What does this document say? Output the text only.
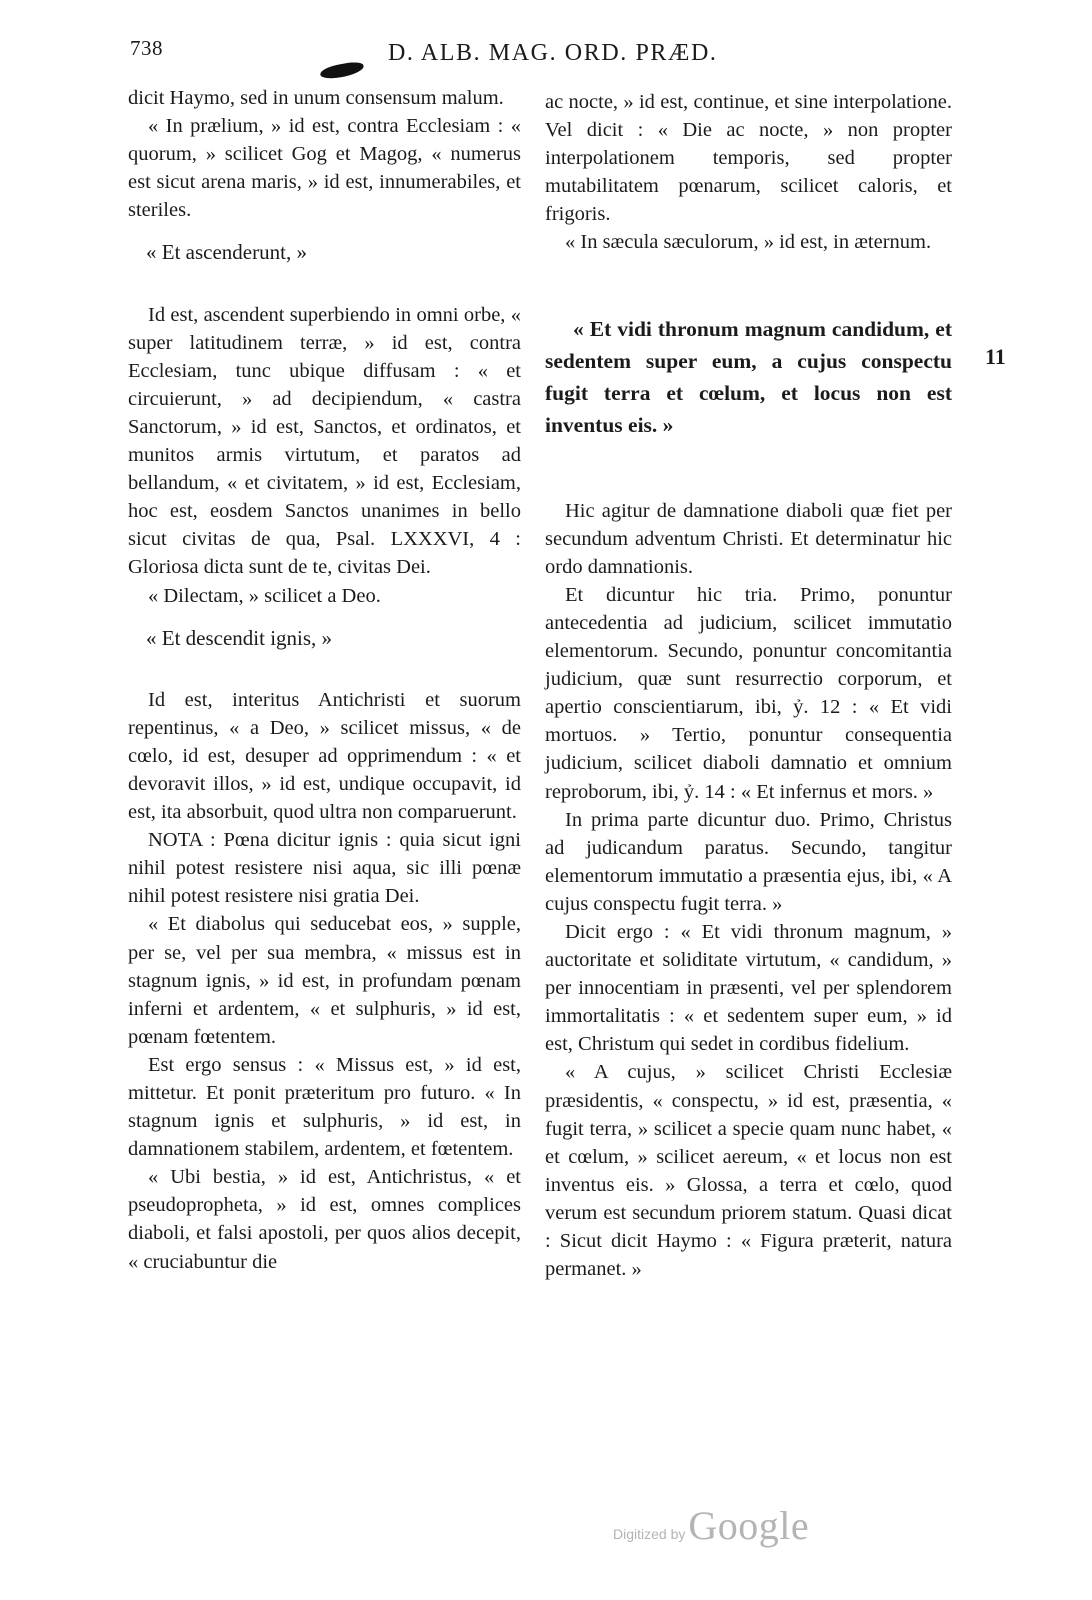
738	D. ALB. MAG. ORD. PRÆD.

dicit Haymo, sed in unum consensum malum.

« In prælium, » id est, contra Ecclesiam : « quorum, » scilicet Gog et Magog, « numerus est sicut arena maris, » id est, innumerabiles, et steriles.

« Et ascenderunt, »

Id est, ascendent superbiendo in omni orbe, « super latitudinem terræ, » id est, contra Ecclesiam, tunc ubique diffusam : « et circuierunt, » ad decipiendum, « castra Sanctorum, » id est, Sanctos, et ordinatos, et munitos armis virtutum, et paratos ad bellandum, « et civitatem, » id est, Ecclesiam, hoc est, eosdem Sanctos unanimes in bello sicut civitas de qua, Psal. LXXXVI, 4 : Gloriosa dicta sunt de te, civitas Dei.

« Dilectam, » scilicet a Deo.

« Et descendit ignis, »

Id est, interitus Antichristi et suorum repentinus, « a Deo, » scilicet missus, « de cœlo, id est, desuper ad opprimendum : « et devoravit illos, » id est, undique occupavit, id est, ita absorbuit, quod ultra non comparuerunt.

NOTA : Pœna dicitur ignis : quia sicut igni nihil potest resistere nisi aqua, sic illi pœnæ nihil potest resistere nisi gratia Dei.

« Et diabolus qui seducebat eos, » supple, per se, vel per sua membra, « missus est in stagnum ignis, » id est, in profundam pœnam inferni et ardentem, « et sulphuris, » id est, pœnam fœtentem.

Est ergo sensus : « Missus est, » id est, mittetur. Et ponit præteritum pro futuro. « In stagnum ignis et sulphuris, » id est, in damnationem stabilem, ardentem, et fœtentem.

« Ubi bestia, » id est, Antichristus, « et pseudopropheta, » id est, omnes complices diaboli, et falsi apostoli, per quos alios decepit, « cruciabuntur die

ac nocte, » id est, continue, et sine interpolatione. Vel dicit : « Die ac nocte, » non propter interpolationem temporis, sed propter mutabilitatem pœnarum, scilicet caloris, et frigoris.

« In sæcula sæculorum, » id est, in æternum.

« Et vidi thronum magnum candidum, et sedentem super eum, a cujus conspectu fugit terra et cœlum, et locus non est inventus eis. »

Hic agitur de damnatione diaboli quæ fiet per secundum adventum Christi. Et determinatur hic ordo damnationis.

Et dicuntur hic tria. Primo, ponuntur antecedentia ad judicium, scilicet immutatio elementorum. Secundo, ponuntur concomitantia judicium, quæ sunt resurrectio corporum, et apertio conscientiarum, ibi, ỷ. 12 : « Et vidi mortuos. » Tertio, ponuntur consequentia judicium, scilicet diaboli damnatio et omnium reproborum, ibi, ỷ. 14 : « Et infernus et mors. »

In prima parte dicuntur duo. Primo, Christus ad judicandum paratus. Secundo, tangitur elementorum immutatio a præsentia ejus, ibi, « A cujus conspectu fugit terra. »

Dicit ergo : « Et vidi thronum magnum, » auctoritate et soliditate virtutum, « candidum, » per innocentiam in præsenti, vel per splendorem immortalitatis : « et sedentem super eum, » id est, Christum qui sedet in cordibus fidelium.

« A cujus, » scilicet Christi Ecclesiæ præsidentis, « conspectu, » id est, præsentia, « fugit terra, » scilicet a specie quam nunc habet, « et cœlum, » scilicet aereum, « et locus non est inventus eis. » Glossa, a terra et cœlo, quod verum est secundum priorem statum. Quasi dicat : Sicut dicit Haymo : « Figura præterit, natura permanet. »

11
Digitized byGoogle
